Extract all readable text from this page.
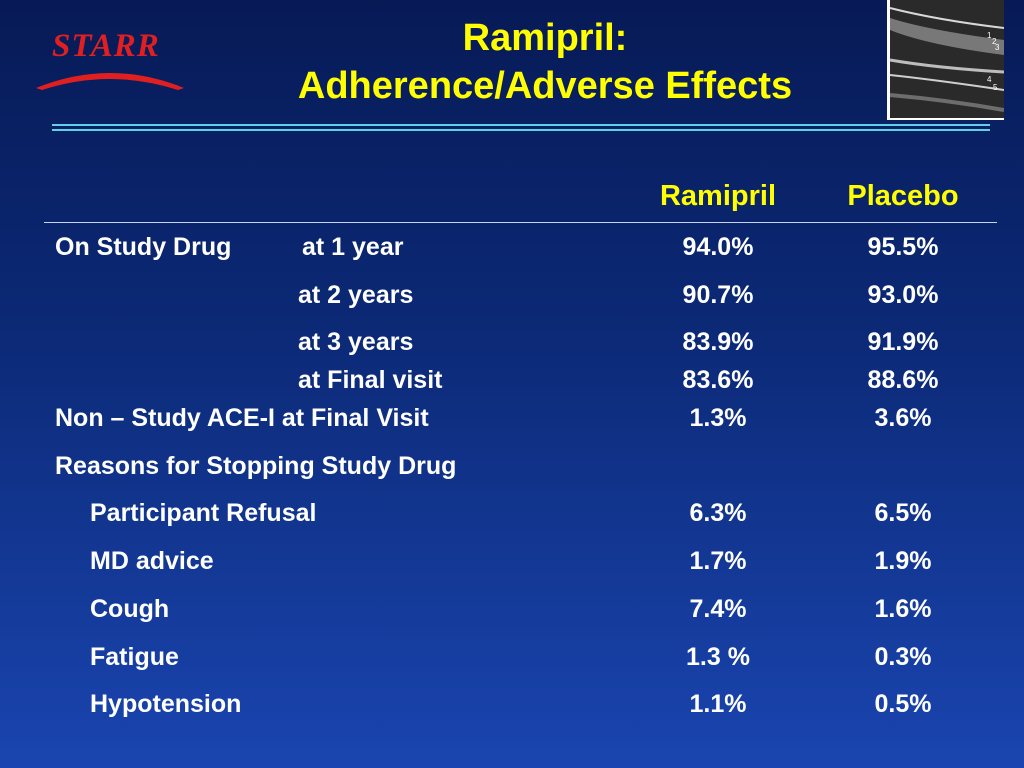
STARR	Ramipril:
Adherence/Adverse Effects
1
2
3
4
5
Ramipril	Placebo
On Study Drug	at 1 year	94.0%	95.5%
at 2 years	90.7%	93.0%
at 3 years	83.9%	91.9%
at Final visit	83.6%	88.6%
Non – Study ACE-I at Final Visit	1.3%	3.6%
Reasons for Stopping Study Drug
Participant Refusal	6.3%	6.5%
MD advice	1.7%	1.9%
Cough	7.4%	1.6%
Fatigue	1.3 %	0.3%
Hypotension	1.1%	0.5%
